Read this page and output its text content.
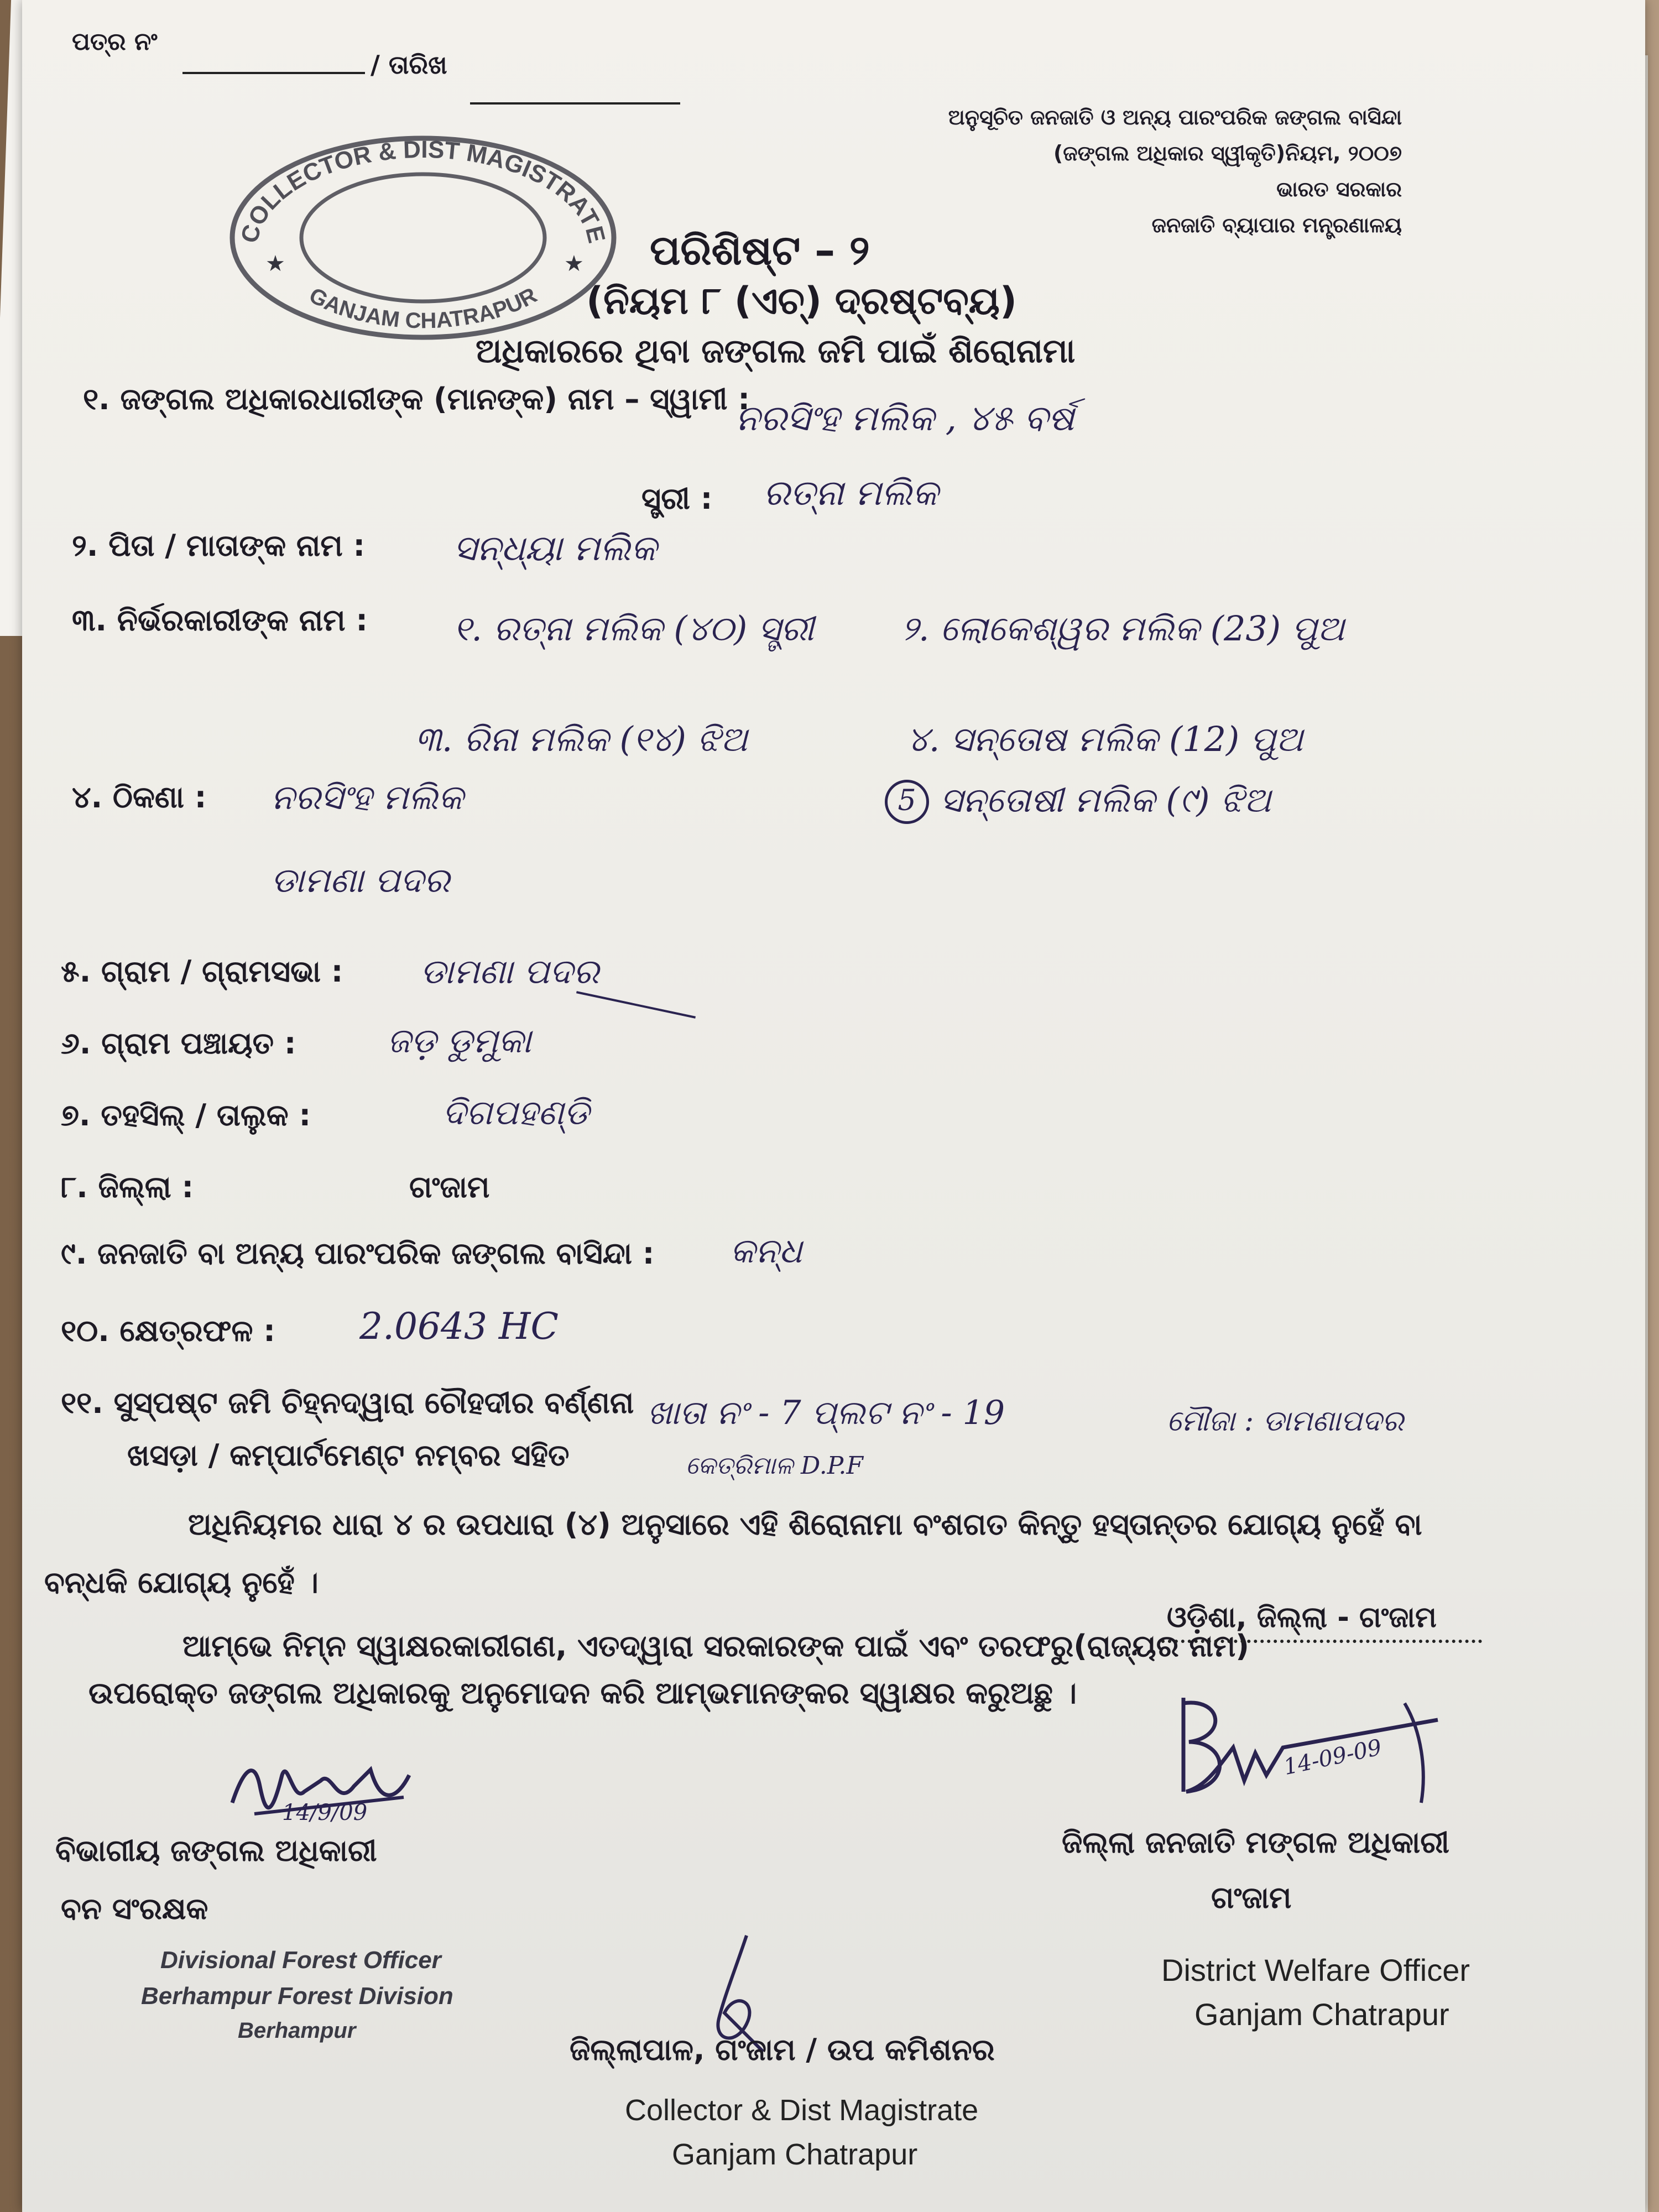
ପତ୍ର ନଂ
/ ତାରିଖ
ଅନୁସୂଚିତ ଜନଜାତି ଓ ଅନ୍ୟ ପାରଂପରିକ ଜଙ୍ଗଲ ବାସିନ୍ଦା
(ଜଙ୍ଗଲ ଅଧିକାର ସ୍ୱୀକୃତି)ନିୟମ, ୨୦୦୭
ଭାରତ ସରକାର
ଜନଜାତି ବ୍ୟାପାର ମନ୍ତ୍ରଣାଳୟ
COLLECTOR & DIST MAGISTRATE
GANJAM CHATRAPUR
★	★ ପରିଶିଷ୍ଟ – ୨
(ନିୟମ ୮ (ଏଚ୍) ଦ୍ରଷ୍ଟବ୍ୟ)
ଅଧିକାରରେ ଥିବା ଜଙ୍ଗଲ ଜମି ପାଇଁ ଶିରୋନାମା
୧. ଜଙ୍ଗଲ ଅଧିକାରଧାରୀଙ୍କ (ମାନଙ୍କ) ନାମ – ସ୍ୱାମୀ :
ନରସିଂହ ମଲିକ , ୪୫ ବର୍ଷ
ସ୍ତ୍ରୀ : ରତ୍ନା ମଲିକ
୨. ପିତା / ମାତାଙ୍କ ନାମ : ସନ୍ଧ୍ୟା ମଲିକ
୩. ନିର୍ଭରକାରୀଙ୍କ ନାମ :	୧. ରତ୍ନା ମଲିକ (୪୦) ସ୍ତ୍ରୀ	୨. ଲୋକେଶ୍ୱର ମଲିକ (23) ପୁଅ
୩. ରିନା ମଲିକ (୧୪) ଝିଅ	୪. ସନ୍ତୋଷ ମଲିକ (12) ପୁଅ
5 ସନ୍ତୋଷୀ ମଲିକ (୯) ଝିଅ
୪. ଠିକଣା : ନରସିଂହ ମଲିକ
ଡାମଣା ପଦର
୫. ଗ୍ରାମ / ଗ୍ରାମସଭା : ଡାମଣା ପଦର
୬. ଗ୍ରାମ ପଞ୍ଚାୟତ :	ଜଡ଼ ଡୁମୁକା
୭. ତହସିଲ୍ / ତାଲୁକ :	ଦିଗପହଣ୍ଡି
୮. ଜିଲ୍ଲା :	ଗଂଜାମ
୯. ଜନଜାତି ବା ଅନ୍ୟ ପାରଂପରିକ ଜଙ୍ଗଲ ବାସିନ୍ଦା : କନ୍ଧ
୧୦. କ୍ଷେତ୍ରଫଳ : 2.0643 HC
୧୧. ସୁସ୍ପଷ୍ଟ ଜମି ଚିହ୍ନଦ୍ୱାରା ଚୌହଦୀର ବର୍ଣ୍ଣନା
ଖସଡ଼ା / କମ୍ପାର୍ଟମେଣ୍ଟ ନମ୍ବର ସହିତ
ଖାତା ନଂ - 7 ପ୍ଲଟ ନଂ - 19	ମୌଜା : ଡାମଣାପଦର
କେତ୍ରିମାଳ D.P.F
ଅଧିନିୟମର ଧାରା ୪ ର ଉପଧାରା (୪) ଅନୁସାରେ ଏହି ଶିରୋନାମା ବଂଶଗତ କିନ୍ତୁ ହସ୍ତାନ୍ତର ଯୋଗ୍ୟ ନୁହେଁ ବା
ବନ୍ଧକି ଯୋଗ୍ୟ ନୁହେଁ ।
ଆମ୍ଭେ ନିମ୍ନ ସ୍ୱାକ୍ଷରକାରୀଗଣ, ଏତଦ୍ୱାରା ସରକାରଙ୍କ ପାଇଁ ଏବଂ ତରଫରୁ(ରାଜ୍ୟର ନାମ)
ଓଡ଼ିଶା, ଜିଲ୍ଲା - ଗଂଜାମ
ଉପରୋକ୍ତ ଜଙ୍ଗଲ ଅଧିକାରକୁ ଅନୁମୋଦନ କରି ଆମ୍ଭମାନଙ୍କର ସ୍ୱାକ୍ଷର କରୁଅଛୁ ।
14/9/09
ବିଭାଗୀୟ ଜଙ୍ଗଲ ଅଧିକାରୀ
ବନ ସଂରକ୍ଷକ
Divisional Forest Officer
Berhampur Forest Division
Berhampur
14-09-09
ଜିଲ୍ଲା ଜନଜାତି ମଙ୍ଗଳ ଅଧିକାରୀ
ଗଂଜାମ
District Welfare Officer
Ganjam Chatrapur
ଜିଲ୍ଲାପାଳ, ଗଂଜାମ / ଉପ କମିଶନର
Collector & Dist Magistrate
Ganjam Chatrapur
